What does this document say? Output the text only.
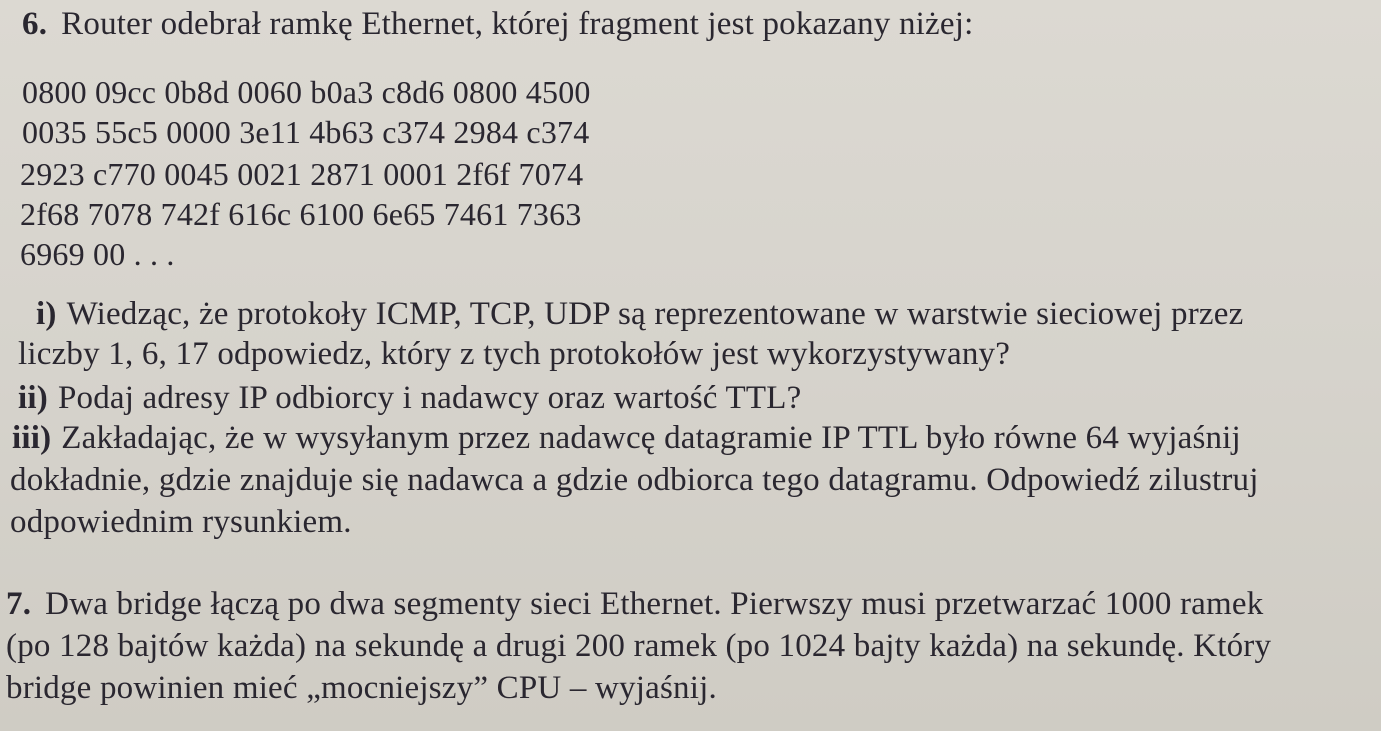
6. Router odebrał ramkę Ethernet, której fragment jest pokazany niżej:
0800 09cc 0b8d 0060 b0a3 c8d6 0800 4500
0035 55c5 0000 3e11 4b63 c374 2984 c374
2923 c770 0045 0021 2871 0001 2f6f 7074
2f68 7078 742f 616c 6100 6e65 7461 7363
6969 00 . . .
i) Wiedząc, że protokoły ICMP, TCP, UDP są reprezentowane w warstwie sieciowej przez
liczby 1, 6, 17 odpowiedz, który z tych protokołów jest wykorzystywany?
ii) Podaj adresy IP odbiorcy i nadawcy oraz wartość TTL?
iii) Zakładając, że w wysyłanym przez nadawcę datagramie IP TTL było równe 64 wyjaśnij
dokładnie, gdzie znajduje się nadawca a gdzie odbiorca tego datagramu. Odpowiedź zilustruj
odpowiednim rysunkiem.
7. Dwa bridge łączą po dwa segmenty sieci Ethernet. Pierwszy musi przetwarzać 1000 ramek
(po 128 bajtów każda) na sekundę a drugi 200 ramek (po 1024 bajty każda) na sekundę. Który
bridge powinien mieć „mocniejszy” CPU – wyjaśnij.
